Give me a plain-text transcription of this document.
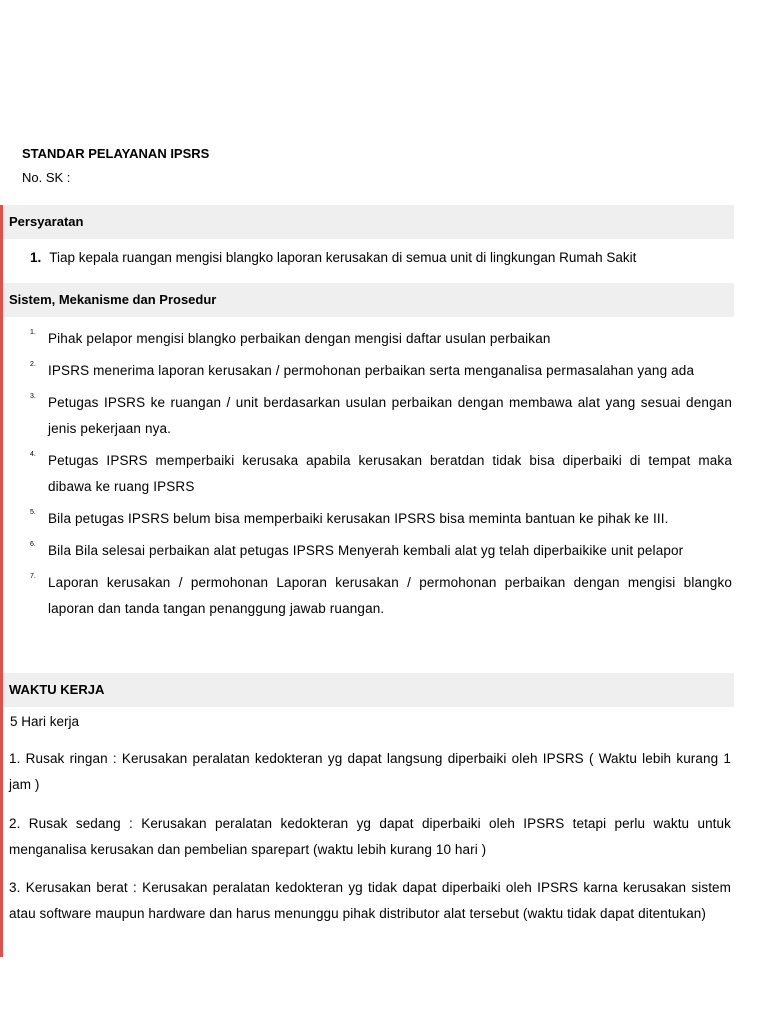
STANDAR PELAYANAN IPSRS
No. SK :
Persyaratan
1. Tiap kepala ruangan mengisi blangko laporan kerusakan di semua unit di lingkungan Rumah Sakit
Sistem, Mekanisme dan Prosedur
1. Pihak pelapor mengisi blangko perbaikan dengan mengisi daftar usulan perbaikan
2. IPSRS menerima laporan kerusakan / permohonan perbaikan serta menganalisa permasalahan yang ada
3. Petugas IPSRS ke ruangan / unit berdasarkan usulan perbaikan dengan membawa alat yang sesuai dengan jenis pekerjaan nya.
4. Petugas IPSRS memperbaiki kerusaka apabila kerusakan beratdan tidak bisa diperbaiki di tempat maka dibawa ke ruang IPSRS
5. Bila petugas IPSRS belum bisa memperbaiki kerusakan IPSRS bisa meminta bantuan ke pihak ke III.
6. Bila Bila selesai perbaikan alat petugas IPSRS Menyerah kembali alat yg telah diperbaikike unit pelapor
7. Laporan kerusakan / permohonan Laporan kerusakan / permohonan perbaikan dengan mengisi blangko laporan dan tanda tangan penanggung jawab ruangan.
WAKTU KERJA
5 Hari kerja
1. Rusak ringan : Kerusakan peralatan kedokteran yg dapat langsung diperbaiki oleh IPSRS ( Waktu lebih kurang 1 jam )
2. Rusak sedang : Kerusakan peralatan kedokteran yg dapat diperbaiki oleh IPSRS tetapi perlu waktu untuk menganalisa kerusakan dan pembelian sparepart (waktu lebih kurang 10 hari )
3. Kerusakan berat : Kerusakan peralatan kedokteran yg tidak dapat diperbaiki oleh IPSRS karna kerusakan sistem atau software maupun hardware dan harus menunggu pihak distributor alat tersebut (waktu tidak dapat ditentukan)
